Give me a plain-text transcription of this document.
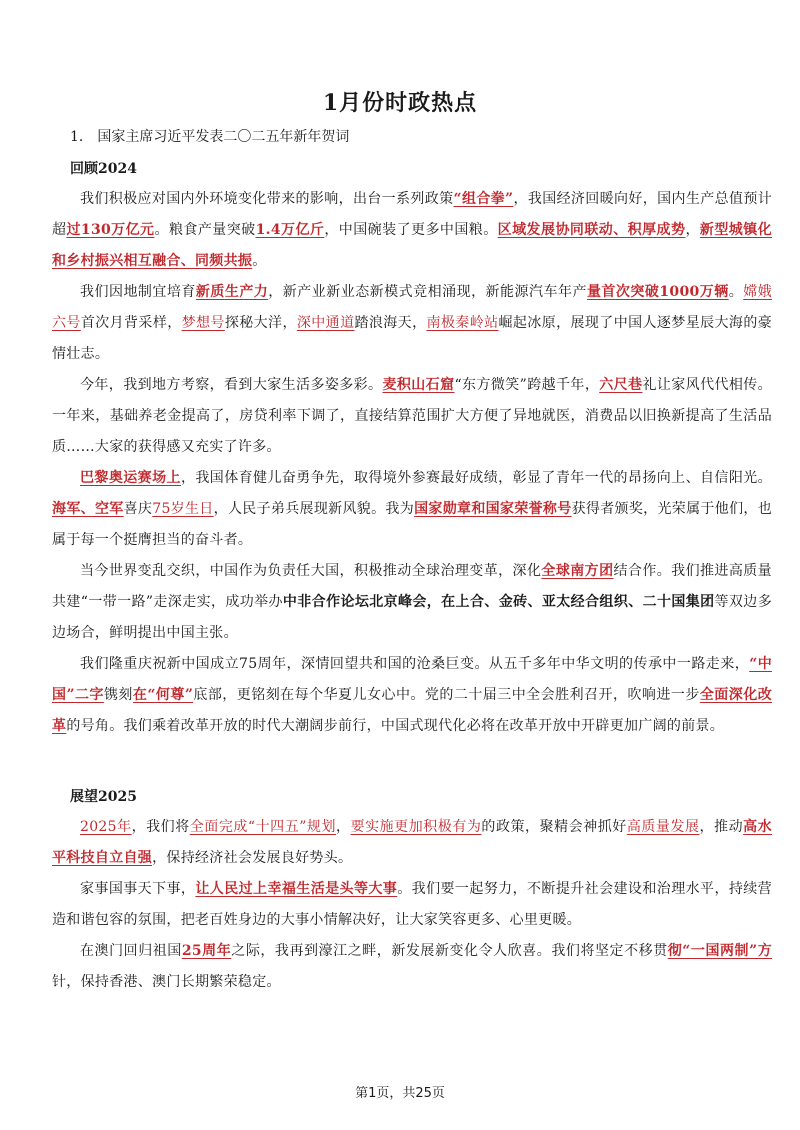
1月份时政热点
1． 国家主席习近平发表二〇二五年新年贺词
回顾2024

我们积极应对国内外环境变化带来的影响，出台一系列政策“组合拳”，我国经济回暖向好，国内生产总值预计超过130万亿元。粮食产量突破1.4万亿斤，中国碗装了更多中国粮。区域发展协同联动、积厚成势，新型城镇化和乡村振兴相互融合、同频共振。

我们因地制宜培育新质生产力，新产业新业态新模式竞相涌现，新能源汽车年产量首次突破1000万辆。嫦娥六号首次月背采样，梦想号探秘大洋，深中通道踏浪海天，南极秦岭站崛起冰原，展现了中国人逐梦星辰大海的豪情壮志。

今年，我到地方考察，看到大家生活多姿多彩。麦积山石窟“东方微笑”跨越千年，六尺巷礼让家风代代相传。一年来，基础养老金提高了，房贷利率下调了，直接结算范围扩大方便了异地就医，消费品以旧换新提高了生活品质……大家的获得感又充实了许多。

巴黎奥运赛场上，我国体育健儿奋勇争先，取得境外参赛最好成绩，彰显了青年一代的昂扬向上、自信阳光。海军、空军喜庆75岁生日，人民子弟兵展现新风貌。我为国家勋章和国家荣誉称号获得者颁奖，光荣属于他们，也属于每一个挺膺担当的奋斗者。

当今世界变乱交织，中国作为负责任大国，积极推动全球治理变革，深化全球南方团结合作。我们推进高质量共建“一带一路”走深走实，成功举办中非合作论坛北京峰会，在上合、金砖、亚太经合组织、二十国集团等双边多边场合，鲜明提出中国主张。

我们隆重庆祝新中国成立75周年，深情回望共和国的沧桑巨变。从五千多年中华文明的传承中一路走来，“中国”二字镌刻在“何尊”底部，更铭刻在每个华夏儿女心中。党的二十届三中全会胜利召开，吹响进一步全面深化改革的号角。我们乘着改革开放的时代大潮阔步前行，中国式现代化必将在改革开放中开辟更加广阔的前景。

展望2025

2025年，我们将全面完成“十四五”规划，要实施更加积极有为的政策，聚精会神抓好高质量发展，推动高水平科技自立自强，保持经济社会发展良好势头。

家事国事天下事，让人民过上幸福生活是头等大事。我们要一起努力，不断提升社会建设和治理水平，持续营造和谐包容的氛围，把老百姓身边的大事小情解决好，让大家笑容更多、心里更暖。

在澳门回归祖国25周年之际，我再到濠江之畔，新发展新变化令人欣喜。我们将坚定不移贯彻“一国两制”方针，保持香港、澳门长期繁荣稳定。

第1页，共25页
